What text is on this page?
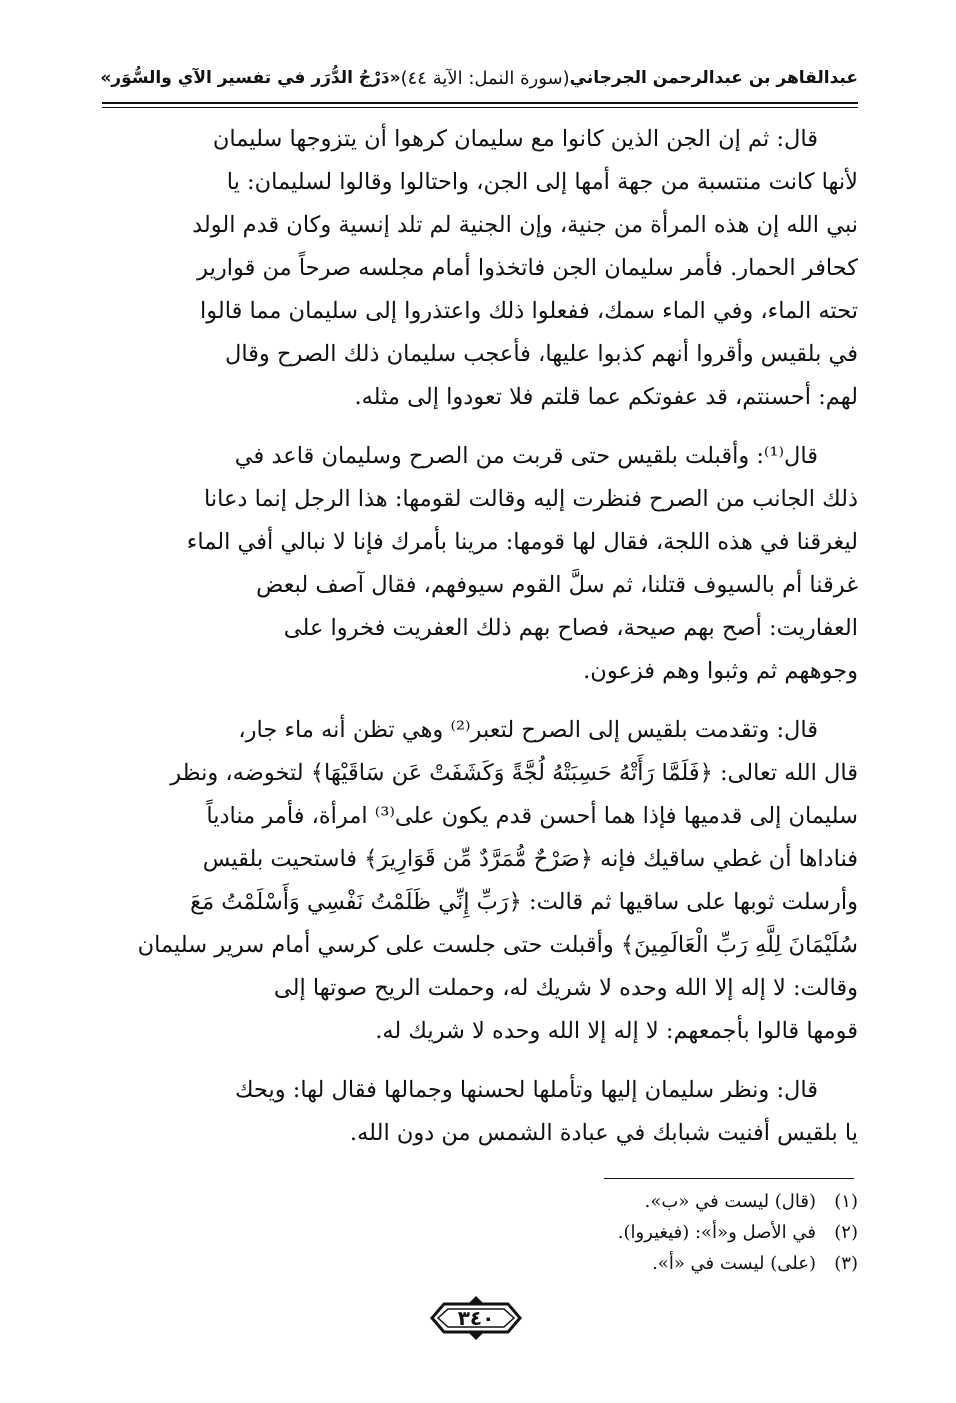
عبدالقاهر بن عبدالرحمن الجرجاني
(سورة النمل: الآية ٤٤)
«دَرْجُ الدُّرَر في تفسير الآي والسُّوَر»

قال: ثم إن الجن الذين كانوا مع سليمان كرهوا أن يتزوجها سليمان
لأنها كانت منتسبة من جهة أمها إلى الجن، واحتالوا وقالوا لسليمان: يا
نبي الله إن هذه المرأة من جنية، وإن الجنية لم تلد إنسية وكان قدم الولد
كحافر الحمار. فأمر سليمان الجن فاتخذوا أمام مجلسه صرحاً من قوارير
تحته الماء، وفي الماء سمك، ففعلوا ذلك واعتذروا إلى سليمان مما قالوا
في بلقيس وأقروا أنهم كذبوا عليها، فأعجب سليمان ذلك الصرح وقال
لهم: أحسنتم، قد عفوتكم عما قلتم فلا تعودوا إلى مثله.

قال⁽¹⁾: وأقبلت بلقيس حتى قربت من الصرح وسليمان قاعد في
ذلك الجانب من الصرح فنظرت إليه وقالت لقومها: هذا الرجل إنما دعانا
ليغرقنا في هذه اللجة، فقال لها قومها: مرينا بأمرك فإنا لا نبالي أفي الماء
غرقنا أم بالسيوف قتلنا، ثم سلَّ القوم سيوفهم، فقال آصف لبعض
العفاريت: أصح بهم صيحة، فصاح بهم ذلك العفريت فخروا على
وجوههم ثم وثبوا وهم فزعون.

قال: وتقدمت بلقيس إلى الصرح لتعبر⁽²⁾ وهي تظن أنه ماء جار،
قال الله تعالى: ﴿فَلَمَّا رَأَتْهُ حَسِبَتْهُ لُجَّةً وَكَشَفَتْ عَن سَاقَيْهَا﴾ لتخوضه، ونظر
سليمان إلى قدميها فإذا هما أحسن قدم يكون على⁽³⁾ امرأة، فأمر منادياً
فناداها أن غطي ساقيك فإنه ﴿صَرْحٌ مُّمَرَّدٌ مِّن قَوَارِيرَ﴾ فاستحيت بلقيس
وأرسلت ثوبها على ساقيها ثم قالت: ﴿رَبِّ إِنِّي ظَلَمْتُ نَفْسِي وَأَسْلَمْتُ مَعَ
سُلَيْمَانَ لِلَّهِ رَبِّ الْعَالَمِينَ﴾ وأقبلت حتى جلست على كرسي أمام سرير سليمان
وقالت: لا إله إلا الله وحده لا شريك له، وحملت الريح صوتها إلى
قومها قالوا بأجمعهم: لا إله إلا الله وحده لا شريك له.

قال: ونظر سليمان إليها وتأملها لحسنها وجمالها فقال لها: ويحك
يا بلقيس أفنيت شبابك في عبادة الشمس من دون الله.

(١)
(قال) ليست في «ب».
(٢)
في الأصل و«أ»: (فيغيروا).
(٣)
(على) ليست في «أ».
٣٤٠
